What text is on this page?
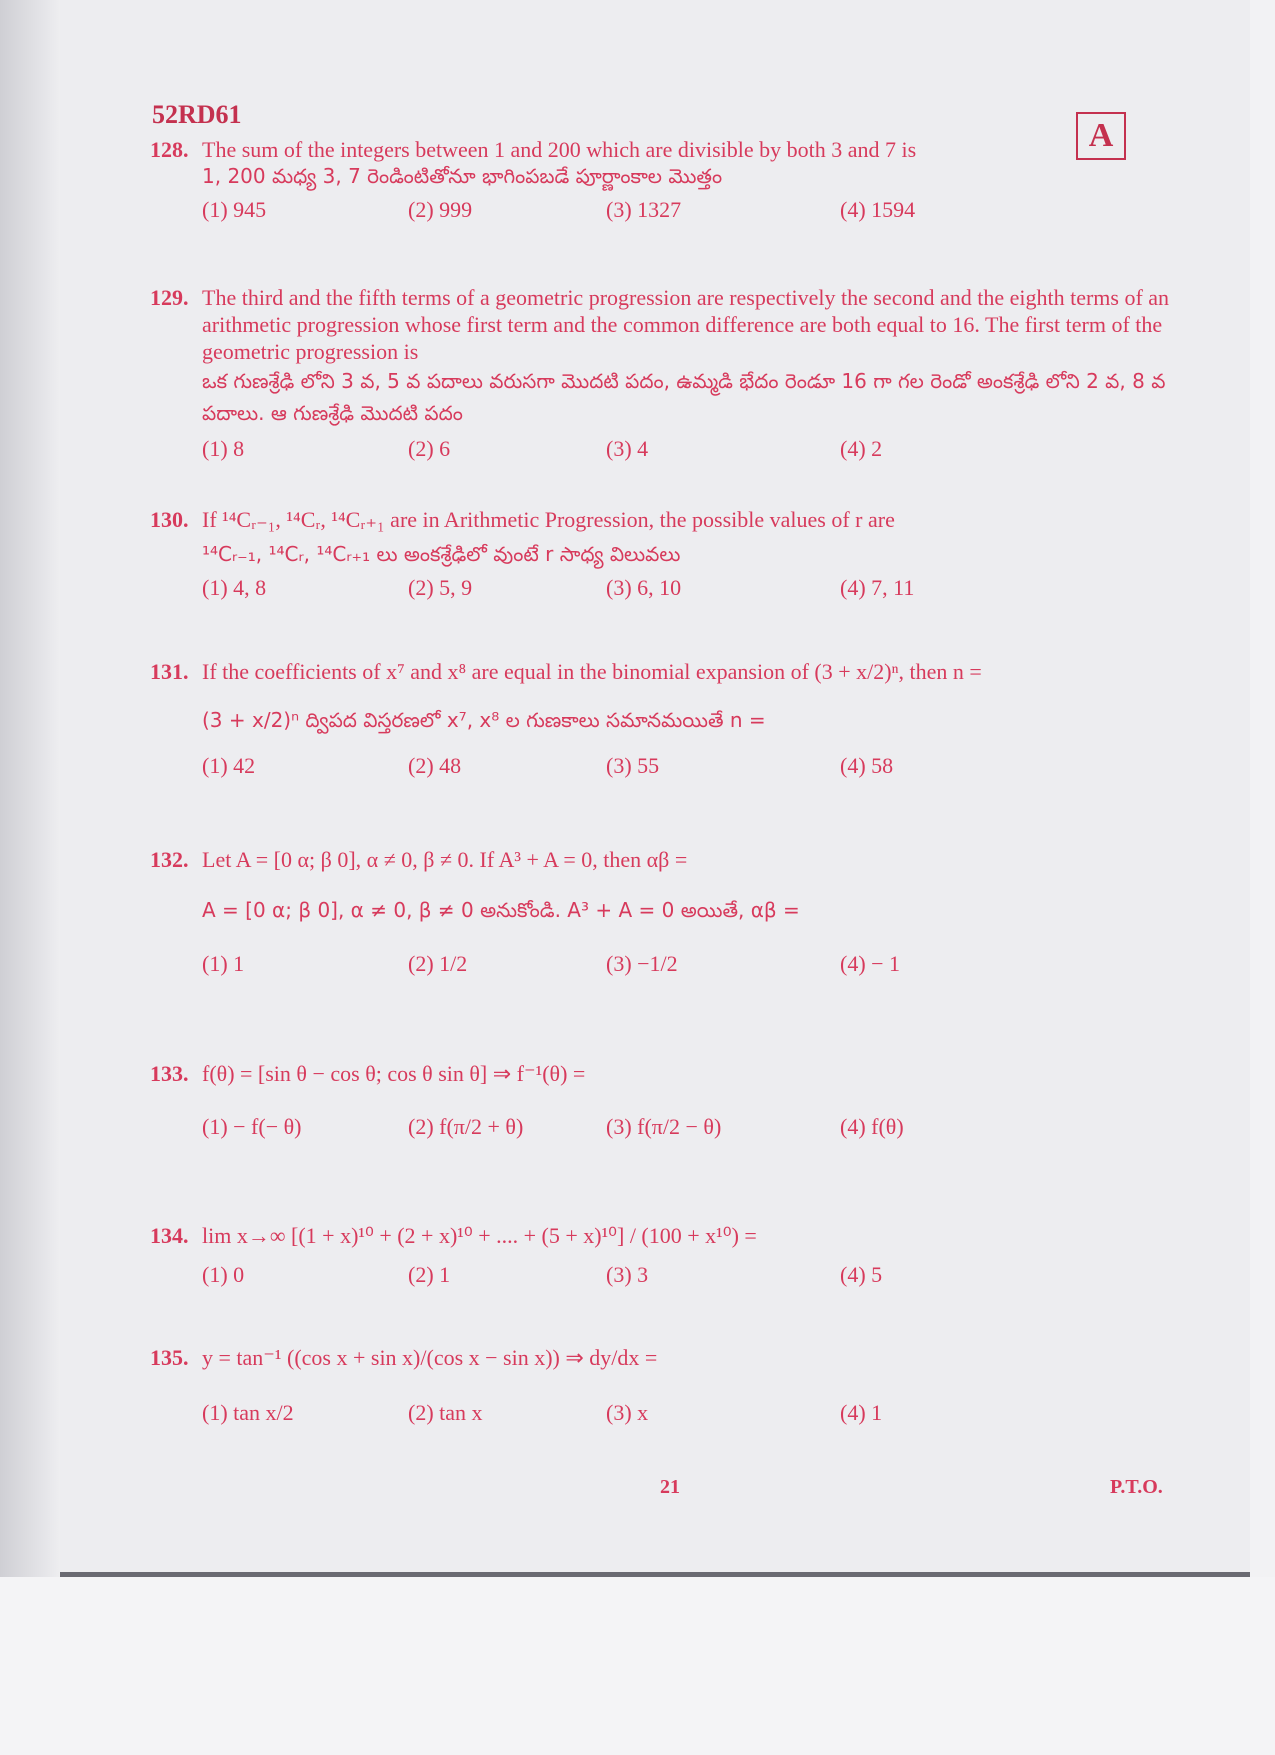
52RD61
A
128. The sum of the integers between 1 and 200 which are divisible by both 3 and 7 is
1, 200 మధ్య 3, 7 రెండింటితోనూ భాగింపబడే పూర్ణాంకాల మొత్తం
(1) 945	(2) 999	(3) 1327	(4) 1594
129. The third and the fifth terms of a geometric progression are respectively the second and the eighth terms of an arithmetic progression whose first term and the common difference are both equal to 16. The first term of the geometric progression is
ఒక గుణశ్రేఢి లోని 3 వ, 5 వ పదాలు వరుసగా మొదటి పదం, ఉమ్మడి భేదం రెండూ 16 గా గల రెండో అంకశ్రేఢి లోని 2 వ, 8 వ పదాలు. ఆ గుణశ్రేఢి మొదటి పదం
(1) 8	(2) 6	(3) 4	(4) 2
130. If ¹⁴Cᵣ₋₁, ¹⁴Cᵣ, ¹⁴Cᵣ₊₁ are in Arithmetic Progression, the possible values of r are
¹⁴Cᵣ₋₁, ¹⁴Cᵣ, ¹⁴Cᵣ₊₁ లు అంకశ్రేఢిలో వుంటే r సాధ్య విలువలు
(1) 4, 8	(2) 5, 9	(3) 6, 10	(4) 7, 11
131. If the coefficients of x⁷ and x⁸ are equal in the binomial expansion of (3 + x/2)ⁿ, then n =
(3 + x/2)ⁿ ద్విపద విస్తరణలో x⁷, x⁸ ల గుణకాలు సమానమయితే n =
(1) 42	(2) 48	(3) 55	(4) 58
132. Let A = [0 α; β 0], α ≠ 0, β ≠ 0. If A³ + A = 0, then αβ =
A = [0 α; β 0], α ≠ 0, β ≠ 0 అనుకోండి. A³ + A = 0 అయితే, αβ =
(1) 1	(2) 1/2	(3) −1/2	(4) − 1
133. f(θ) = [sin θ − cos θ; cos θ sin θ] ⇒ f⁻¹(θ) =
(1) − f(− θ)	(2) f(π/2 + θ)	(3) f(π/2 − θ)	(4) f(θ)
134. lim x→∞ [(1 + x)¹⁰ + (2 + x)¹⁰ + .... + (5 + x)¹⁰] / (100 + x¹⁰) =
(1) 0	(2) 1	(3) 3	(4) 5
135. y = tan⁻¹ ((cos x + sin x)/(cos x − sin x)) ⇒ dy/dx =
(1) tan x/2	(2) tan x	(3) x	(4) 1
21	P.T.O.
